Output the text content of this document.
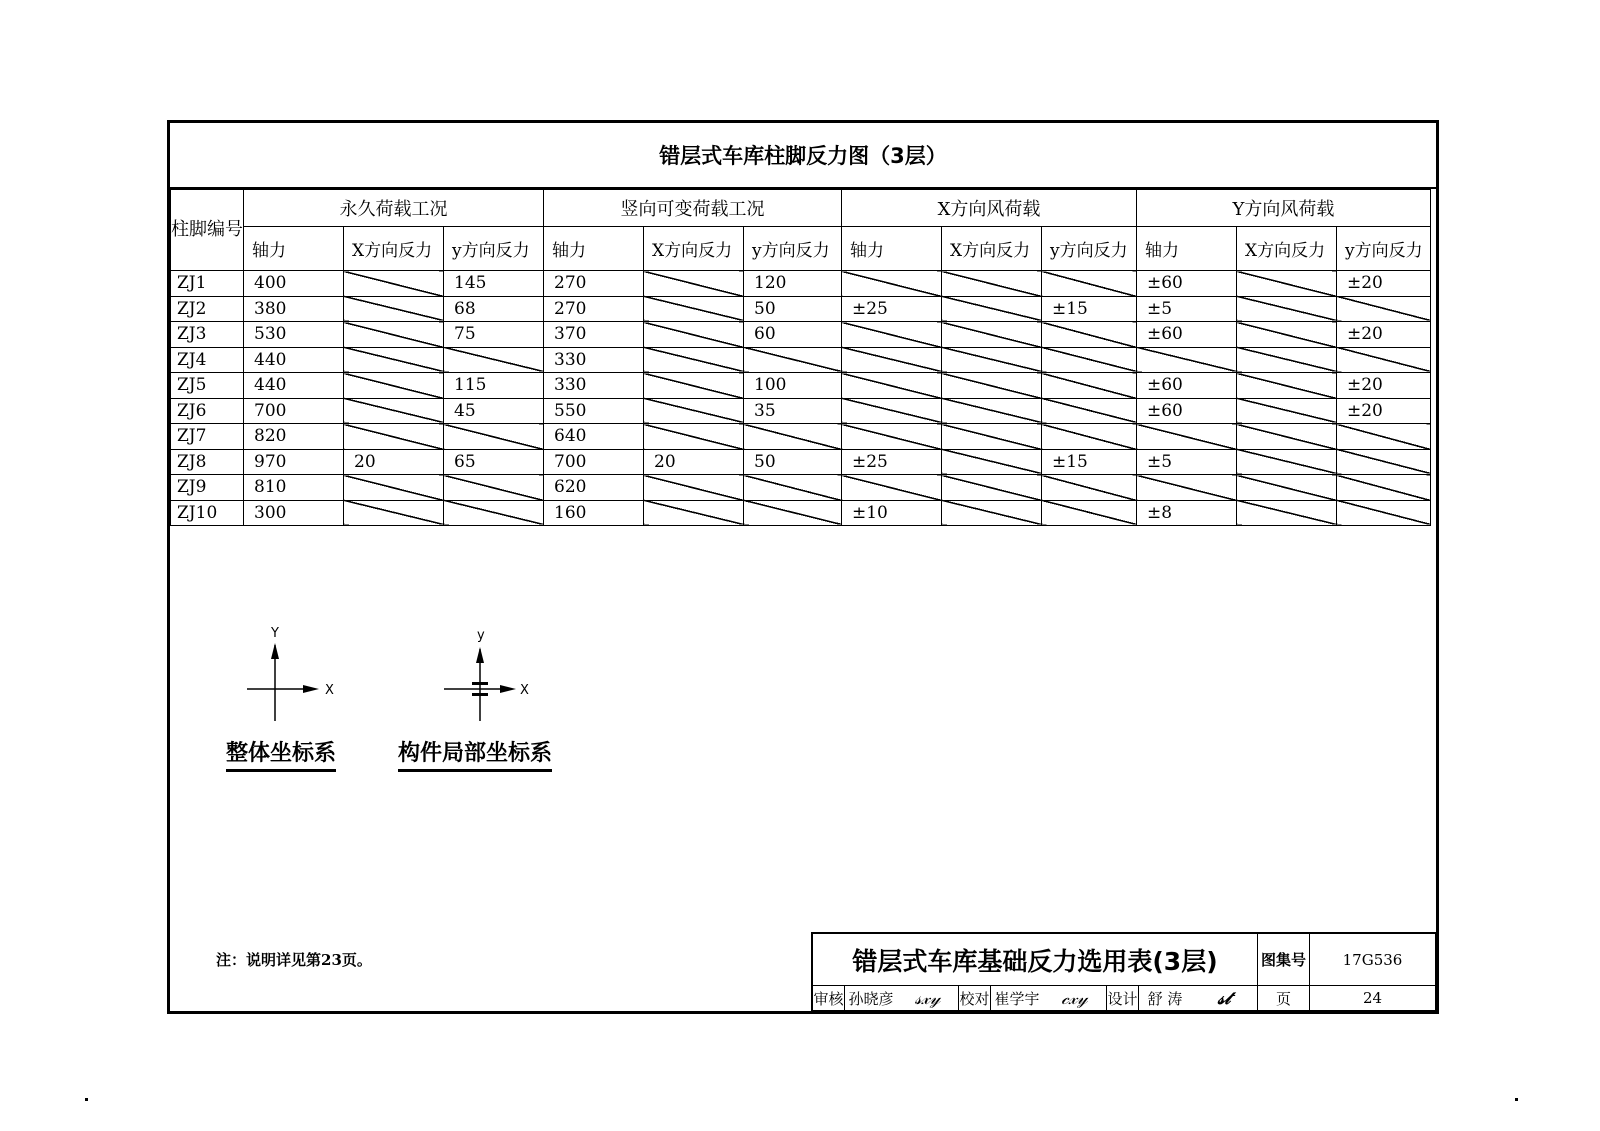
错层式车库柱脚反力图（3层）
柱脚编号	永久荷载工况			竖向可变荷载工况			X方向风荷载			Y方向风荷载		
	轴力	X方向反力	y方向反力	轴力	X方向反力	y方向反力	轴力	X方向反力	y方向反力	轴力	X方向反力	y方向反力
ZJ1	400		145	270		120				±60		±20
ZJ2	380		68	270		50	±25		±15	±5		
ZJ3	530		75	370		60				±60		±20
ZJ4	440			330								
ZJ5	440		115	330		100				±60		±20
ZJ6	700		45	550		35				±60		±20
ZJ7	820			640								
ZJ8	970	20	65	700	20	50	±25		±15	±5		
ZJ9	810			620								
ZJ10	300			160			±10			±8		
Y
X
整体坐标系
y
X
构件局部坐标系
注：说明详见第23页。	错层式车库基础反力选用表(3层)	图集号	17G536
审核 孙晓彦	𝓈𝓍𝓎	校对 崔学宇	𝒸𝓍𝓎	设计 舒 涛	𝓈𝓉	页	24
